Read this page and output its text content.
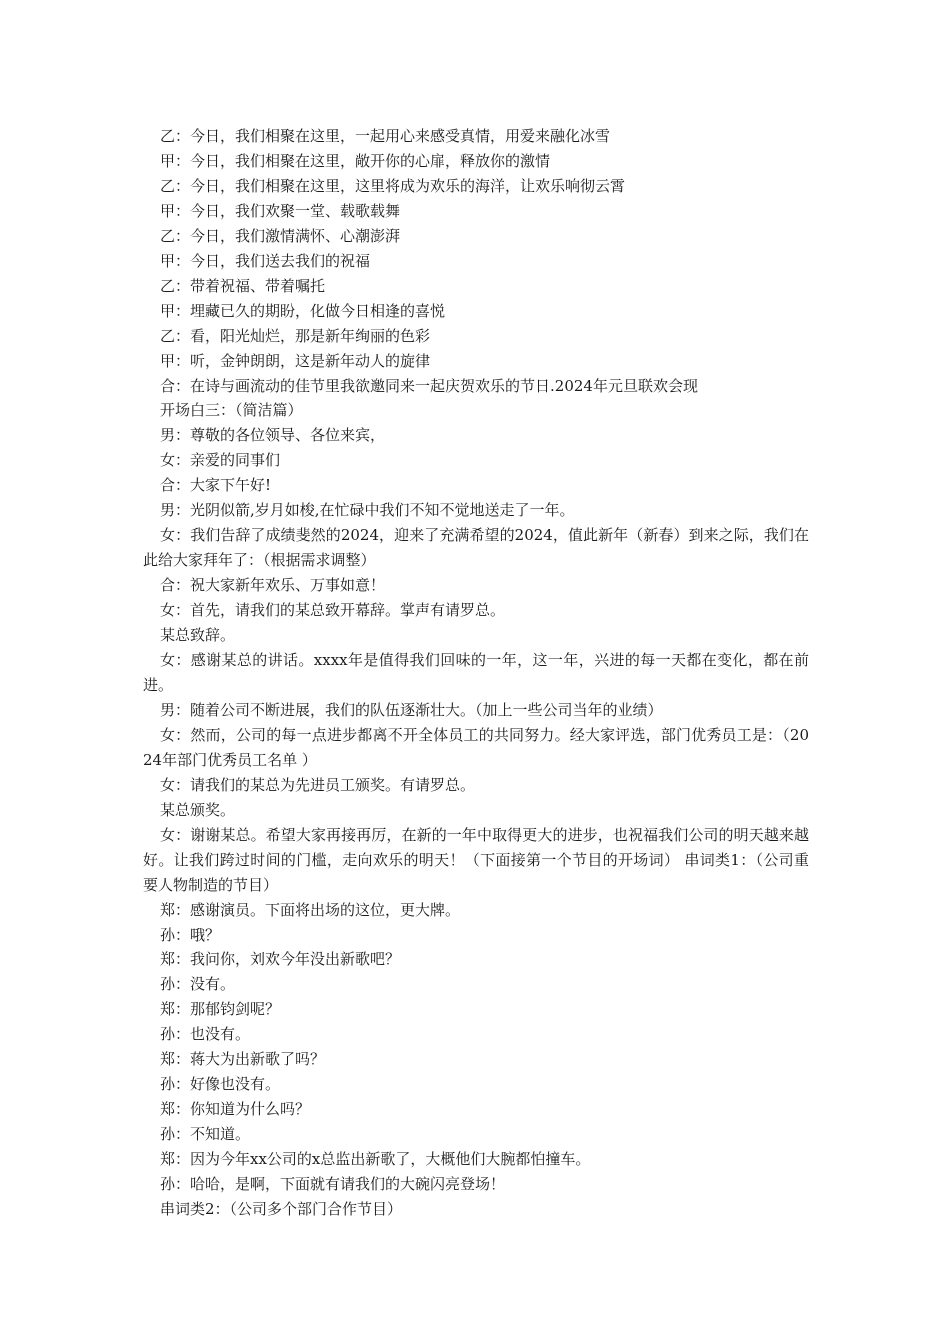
乙：今日，我们相聚在这里，一起用心来感受真情，用爱来融化冰雪

甲：今日，我们相聚在这里，敞开你的心扉，释放你的激情

乙：今日，我们相聚在这里，这里将成为欢乐的海洋，让欢乐响彻云霄

甲：今日，我们欢聚一堂、载歌载舞

乙：今日，我们激情满怀、心潮澎湃

甲：今日，我们送去我们的祝福

乙：带着祝福、带着嘱托

甲：埋藏已久的期盼，化做今日相逢的喜悦

乙：看，阳光灿烂，那是新年绚丽的色彩

甲：听，金钟朗朗，这是新年动人的旋律

合：在诗与画流动的佳节里我欲邀同来一起庆贺欢乐的节日.2024年元旦联欢会现

开场白三：（简洁篇）

男：尊敬的各位领导、各位来宾，

女：亲爱的同事们

合：大家下午好!

男：光阴似箭,岁月如梭,在忙碌中我们不知不觉地送走了一年。

女：我们告辞了成绩斐然的2024，迎来了充满希望的2024，值此新年（新春）到来之际，我们在此给大家拜年了：（根据需求调整）

合：祝大家新年欢乐、万事如意！

女：首先，请我们的某总致开幕辞。掌声有请罗总。

某总致辞。

女：感谢某总的讲话。xxxx年是值得我们回味的一年，这一年，兴进的每一天都在变化，都在前进。

男：随着公司不断进展，我们的队伍逐渐壮大。（加上一些公司当年的业绩）

女：然而，公司的每一点进步都离不开全体员工的共同努力。经大家评选，部门优秀员工是：（2024年部门优秀员工名单 ）

女：请我们的某总为先进员工颁奖。有请罗总。

某总颁奖。

女：谢谢某总。希望大家再接再厉，在新的一年中取得更大的进步，也祝福我们公司的明天越来越好。让我们跨过时间的门槛，走向欢乐的明天！（下面接第一个节目的开场词） 串词类1：（公司重要人物制造的节目）

郑：感谢演员。下面将出场的这位，更大牌。

孙：哦？

郑：我问你，刘欢今年没出新歌吧？

孙：没有。

郑：那郁钧剑呢？

孙：也没有。

郑：蒋大为出新歌了吗？

孙：好像也没有。

郑：你知道为什么吗？

孙：不知道。

郑：因为今年xx公司的x总监出新歌了，大概他们大腕都怕撞车。

孙：哈哈，是啊，下面就有请我们的大碗闪亮登场！

串词类2：（公司多个部门合作节目）
